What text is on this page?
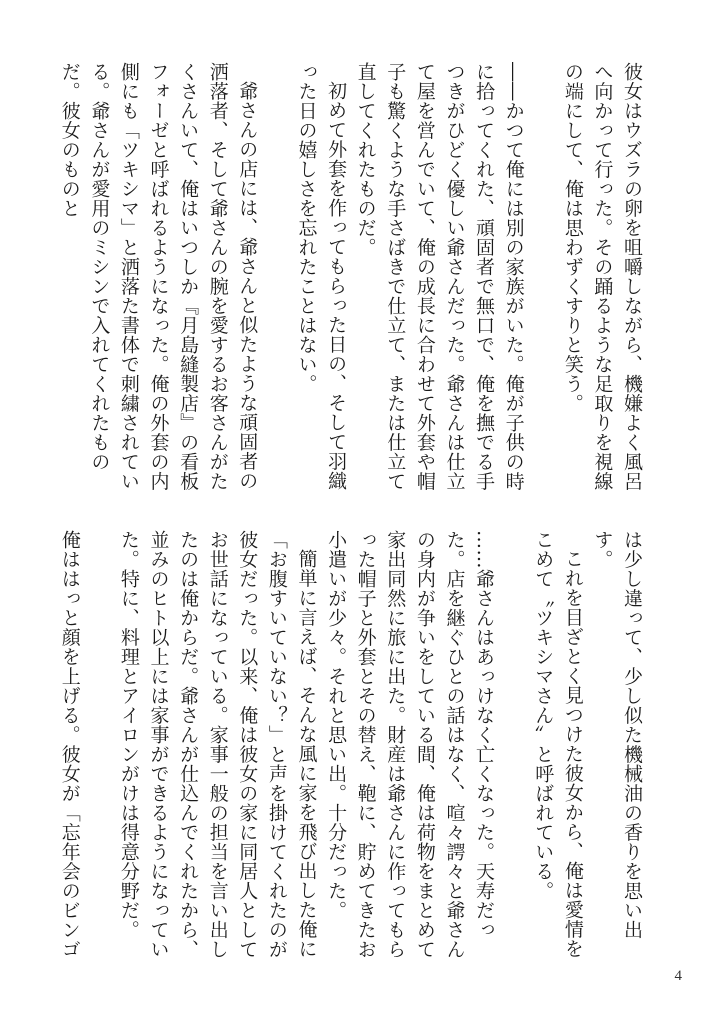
彼女はウズラの卵を咀嚼しながら、機嫌よく風呂へ向かって行った。その踊るような足取りを視線の端にして、俺は思わずくすりと笑う。

――かつて俺には別の家族がいた。俺が子供の時に拾ってくれた、頑固者で無口で、俺を撫でる手つきがひどく優しい爺さんだった。爺さんは仕立て屋を営んでいて、俺の成長に合わせて外套や帽子も驚くような手さばきで仕立て、または仕立て直してくれたものだ。

初めて外套を作ってもらった日の、そして羽織った日の嬉しさを忘れたことはない。

爺さんの店には、爺さんと似たような頑固者の洒落者、そして爺さんの腕を愛するお客さんがたくさんいて、俺はいつしか『月島縫製店』の看板フォーゼと呼ばれるようになった。俺の外套の内側にも「ツキシマ」と洒落た書体で刺繍されている。爺さんが愛用のミシンで入れてくれたものだ。彼女のものと

は少し違って、少し似た機械油の香りを思い出す。

これを目ざとく見つけた彼女から、俺は愛情をこめて〝ツキシマさん〟と呼ばれている。

……爺さんはあっけなく亡くなった。天寿だった。店を継ぐひとの話はなく、喧々諤々と爺さんの身内が争いをしている間、俺は荷物をまとめて家出同然に旅に出た。財産は爺さんに作ってもらった帽子と外套とその替え、鞄に、貯めてきたお小遣いが少々。それと思い出。十分だった。

簡単に言えば、そんな風に家を飛び出した俺に「お腹すいていない？」と声を掛けてくれたのが彼女だった。以来、俺は彼女の家に同居人としてお世話になっている。家事一般の担当を言い出したのは俺からだ。爺さんが仕込んでくれたから、並みのヒト以上には家事ができるようになっていた。特に、料理とアイロンがけは得意分野だ。

俺ははっと顔を上げる。彼女が「忘年会のビンゴ

4
